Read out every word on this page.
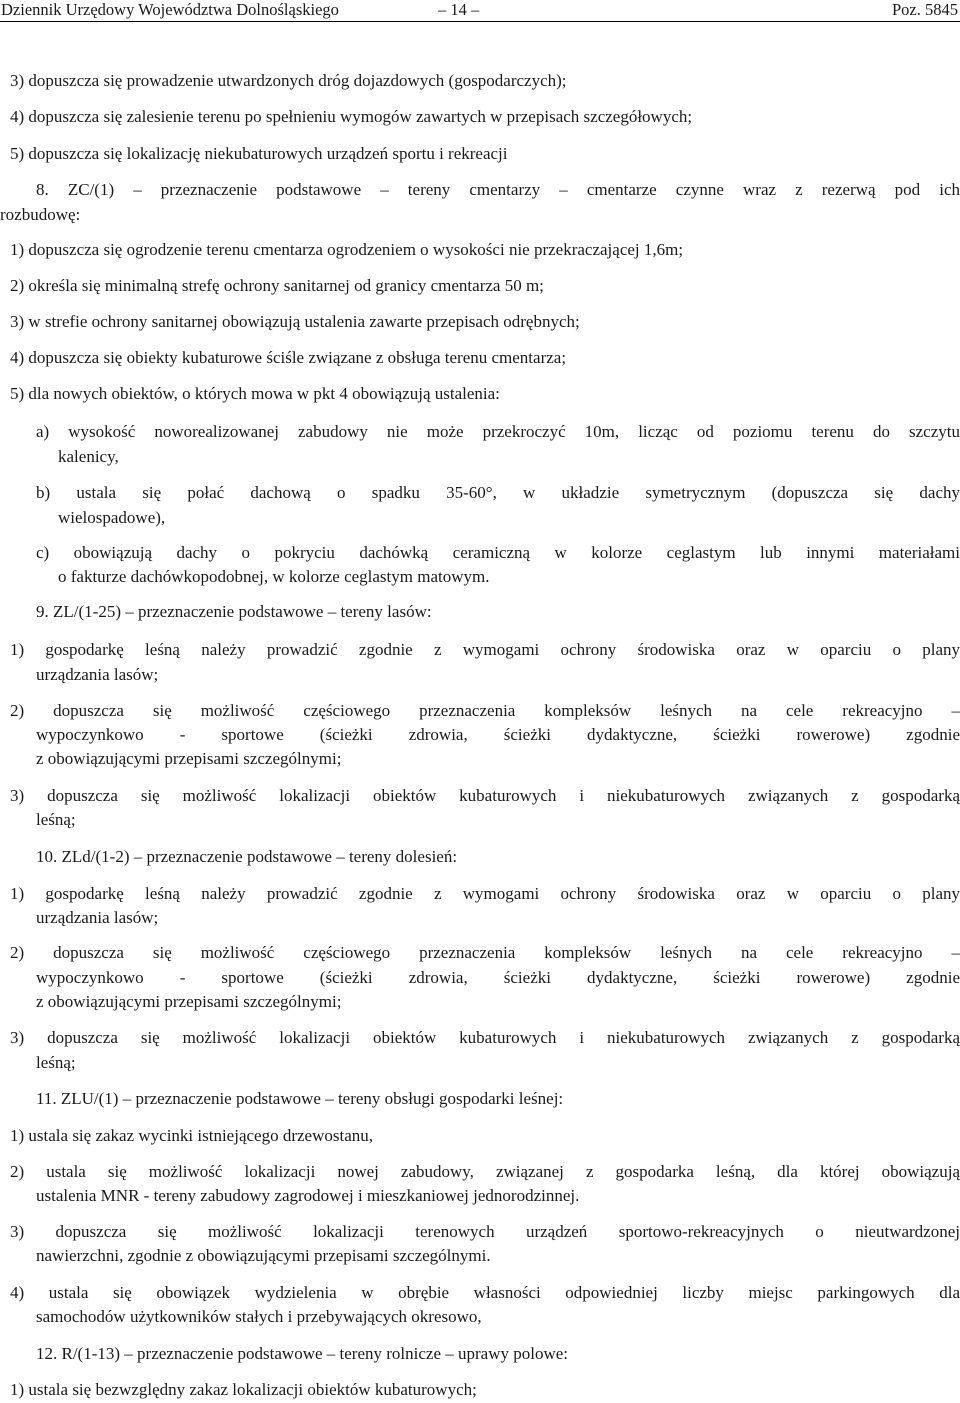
Dziennik Urzędowy Województwa Dolnośląskiego	– 14 –	Poz. 5845
3) dopuszcza się prowadzenie utwardzonych dróg dojazdowych (gospodarczych);
4) dopuszcza się zalesienie terenu po spełnieniu wymogów zawartych w przepisach szczegółowych;
5) dopuszcza się lokalizację niekubaturowych urządzeń sportu i rekreacji
8. ZC/(1) – przeznaczenie podstawowe – tereny cmentarzy – cmentarze czynne wraz z rezerwą pod ich
rozbudowę:
1) dopuszcza się ogrodzenie terenu cmentarza ogrodzeniem o wysokości nie przekraczającej 1,6m;
2) określa się minimalną strefę ochrony sanitarnej od granicy cmentarza 50 m;
3) w strefie ochrony sanitarnej obowiązują ustalenia zawarte przepisach odrębnych;
4) dopuszcza się obiekty kubaturowe ściśle związane z obsługa terenu cmentarza;
5) dla nowych obiektów, o których mowa w pkt 4 obowiązują ustalenia:
a) wysokość noworealizowanej zabudowy nie może przekroczyć 10m, licząc od poziomu terenu do szczytu
kalenicy,
b) ustala się połać dachową o spadku 35-60°, w układzie symetrycznym (dopuszcza się dachy
wielospadowe),
c) obowiązują dachy o pokryciu dachówką ceramiczną w kolorze ceglastym lub innymi materiałami
o fakturze dachówkopodobnej, w kolorze ceglastym matowym.
9. ZL/(1-25) – przeznaczenie podstawowe – tereny lasów:
1) gospodarkę leśną należy prowadzić zgodnie z wymogami ochrony środowiska oraz w oparciu o plany
urządzania lasów;
2) dopuszcza się możliwość częściowego przeznaczenia kompleksów leśnych na cele rekreacyjno –
wypoczynkowo - sportowe (ścieżki zdrowia, ścieżki dydaktyczne, ścieżki rowerowe) zgodnie
z obowiązującymi przepisami szczególnymi;
3) dopuszcza się możliwość lokalizacji obiektów kubaturowych i niekubaturowych związanych z gospodarką
leśną;
10. ZLd/(1-2) – przeznaczenie podstawowe – tereny dolesień:
1) gospodarkę leśną należy prowadzić zgodnie z wymogami ochrony środowiska oraz w oparciu o plany
urządzania lasów;
2) dopuszcza się możliwość częściowego przeznaczenia kompleksów leśnych na cele rekreacyjno –
wypoczynkowo - sportowe (ścieżki zdrowia, ścieżki dydaktyczne, ścieżki rowerowe) zgodnie
z obowiązującymi przepisami szczególnymi;
3) dopuszcza się możliwość lokalizacji obiektów kubaturowych i niekubaturowych związanych z gospodarką
leśną;
11. ZLU/(1) – przeznaczenie podstawowe – tereny obsługi gospodarki leśnej:
1) ustala się zakaz wycinki istniejącego drzewostanu,
2) ustala się możliwość lokalizacji nowej zabudowy, związanej z gospodarka leśną, dla której obowiązują
ustalenia MNR - tereny zabudowy zagrodowej i mieszkaniowej jednorodzinnej.
3) dopuszcza się możliwość lokalizacji terenowych urządzeń sportowo-rekreacyjnych o nieutwardzonej
nawierzchni, zgodnie z obowiązującymi przepisami szczególnymi.
4) ustala się obowiązek wydzielenia w obrębie własności odpowiedniej liczby miejsc parkingowych dla
samochodów użytkowników stałych i przebywających okresowo,
12. R/(1-13) – przeznaczenie podstawowe – tereny rolnicze – uprawy polowe:
1) ustala się bezwzględny zakaz lokalizacji obiektów kubaturowych;
